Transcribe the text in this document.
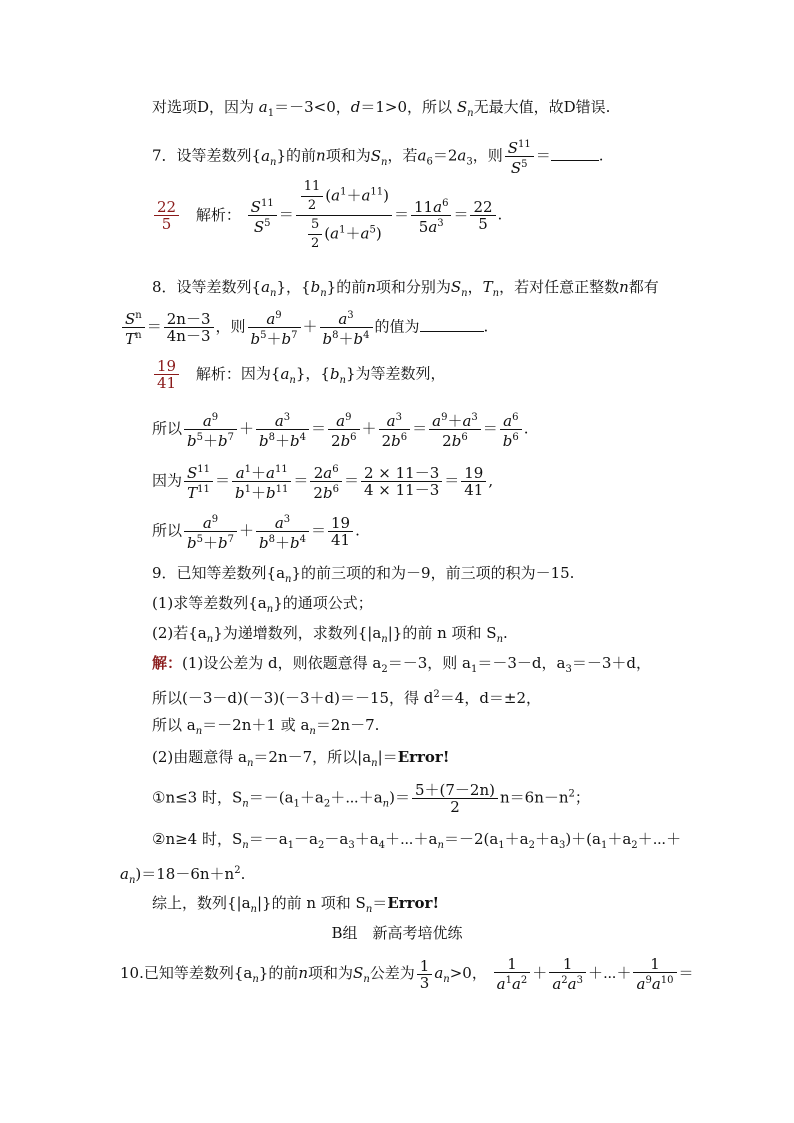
对选项D，因为 $a_1=-3<0$，d＝1>0，所以 $S_n$无最大值，故D错误.
7．设等差数列$\{a_n\}$的前n项和为$S_n$，若$a_6=2a_3$，则 $\frac{S^{11}}{S^5}$ ＝	.
$\frac{22}{5}$ 解析： $\frac{S^{11}}{S^5} = \frac{\frac{11}{2} (a^1+a^{11})}{\frac{5}{2} (a^1+a^5)} = \frac{11a^6}{5a^3} = \frac{22}{5}$ .
8．设等差数列$\{a_n\}$，$\{b_n\}$的前n项和分别为$S_n$，$T_n$，若对任意正整数n都有
$\frac{S^n}{T^n} = \frac{2n-3}{4n-3}$ ，则 $\frac{a^9}{b^5+b^7} + \frac{a^3}{b^8+b^4}$ 的值为	.
$\frac{19}{41}$ 解析：因为$\{a_n\}$，$\{b_n\}$为等差数列，
所以 $\frac{a^9}{b^5+b^7} + \frac{a^3}{b^8+b^4} = \frac{a^9}{2b^6} + \frac{a^3}{2b^6} = \frac{a^9+a^3}{2b^6} = \frac{a^6}{b^6}$ .
因为 $\frac{S^{11}}{T^{11}} = \frac{a^1+a^{11}}{b^1+b^{11}} = \frac{2a^6}{2b^6} = \frac{2 \times 11-3}{4 \times 11-3} = \frac{19}{41}$ ,
所以 $\frac{a^9}{b^5+b^7} + \frac{a^3}{b^8+b^4} = \frac{19}{41}$ .
9．已知等差数列$\{a_n\}$的前三项的和为－9，前三项的积为－15.
(1)求等差数列$\{a_n\}$的通项公式；
(2)若$\{a_n\}$为递增数列，求数列$\{|a_n|\}$的前 n 项和 $S_n$.
解：(1)设公差为 d，则依题意得 $a_2=-3$，则 $a_1=-3-d$，$a_3=-3+d$，
所以(－3－d)(－3)(－3＋d)＝－15，得 $d^2=4$，d＝±2，
所以 $a_n=-2n+1$ 或 $a_n=2n-7$.
(2)由题意得 $a_n=2n-7$，所以$|a_n|=Error$!
①n≤3 时，$S_n=-(a_1+a_2+\cdots+a_n)= \frac{5+(7-2n)}{2} n=6n-n^2$；
②n≥4 时，$S_n=-a_1-a_2-a_3+a_4+\cdots+a_n=-2(a_1+a_2+a_3)+(a_1+a_2+\cdots+$
$a_n)=18-6n+n^2$.
综上，数列$\{|a_n|\}$的前 n 项和 $S_n=Error$!
B组　新高考培优练
10.已知等差数列$\{a_n\}$的前n项和为$S_n$公差为 $\frac{1}{3} a_n>0$， $\frac{1}{a^1a^2} + \frac{1}{a^2a^3}$ ＋⋯＋ $\frac{1}{a^9a^{10}}$ ＝
